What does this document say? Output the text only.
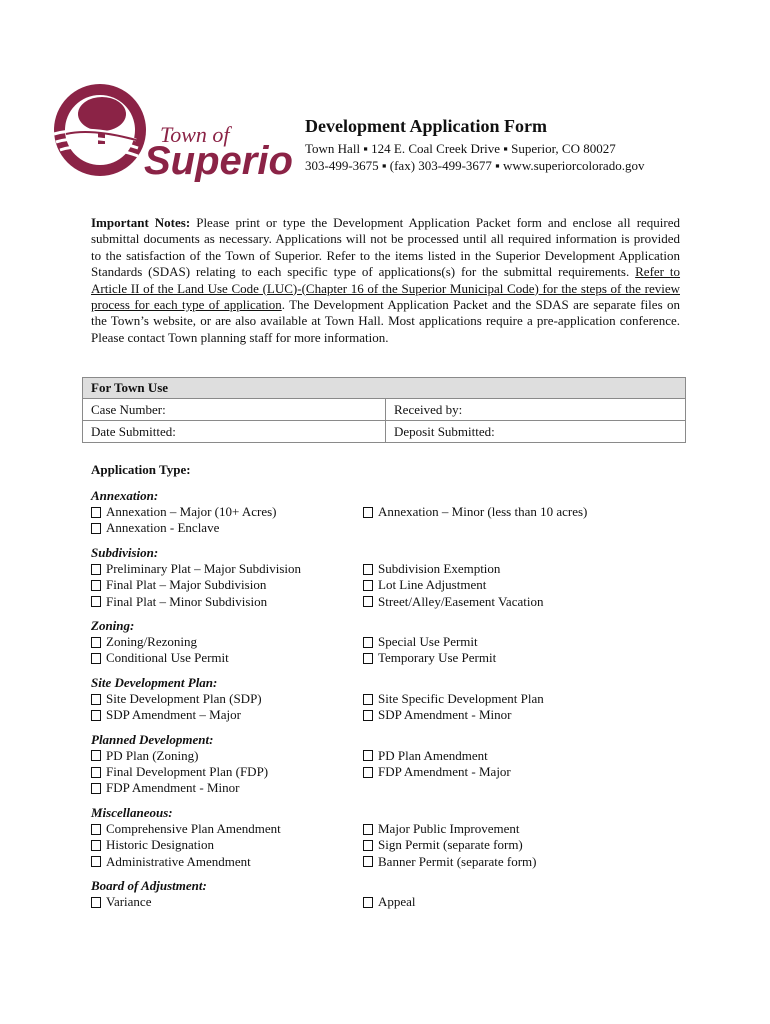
Town of
Superio
Development Application Form
Town Hall ▪ 124 E. Coal Creek Drive ▪ Superior, CO 80027
303-499-3675 ▪ (fax) 303-499-3677 ▪ www.superiorcolorado.gov
Important Notes: Please print or type the Development Application Packet form and enclose all required submittal documents as necessary. Applications will not be processed until all required information is provided to the satisfaction of the Town of Superior. Refer to the items listed in the Superior Development Application Standards (SDAS) relating to each specific type of applications(s) for the submittal requirements. Refer to Article II of the Land Use Code (LUC)-(Chapter 16 of the Superior Municipal Code) for the steps of the review process for each type of application. The Development Application Packet and the SDAS are separate files on the Town’s website, or are also available at Town Hall. Most applications require a pre-application conference. Please contact Town planning staff for more information.
For Town Use	
Case Number:	Received by:
Date Submitted:	Deposit Submitted:
Application Type:
Annexation:
Annexation – Major (10+ Acres)
Annexation - Enclave
Annexation – Minor (less than 10 acres)
Subdivision:
Preliminary Plat – Major Subdivision
Final Plat – Major Subdivision
Final Plat – Minor Subdivision
Subdivision Exemption
Lot Line Adjustment
Street/Alley/Easement Vacation
Zoning:
Zoning/Rezoning
Conditional Use Permit
Special Use Permit
Temporary Use Permit
Site Development Plan:
Site Development Plan (SDP)
SDP Amendment – Major
Site Specific Development Plan
SDP Amendment - Minor
Planned Development:
PD Plan (Zoning)
Final Development Plan (FDP)
FDP Amendment - Minor
PD Plan Amendment
FDP Amendment - Major
Miscellaneous:
Comprehensive Plan Amendment
Historic Designation
Administrative Amendment
Major Public Improvement
Sign Permit (separate form)
Banner Permit (separate form)
Board of Adjustment:
Variance	Appeal
